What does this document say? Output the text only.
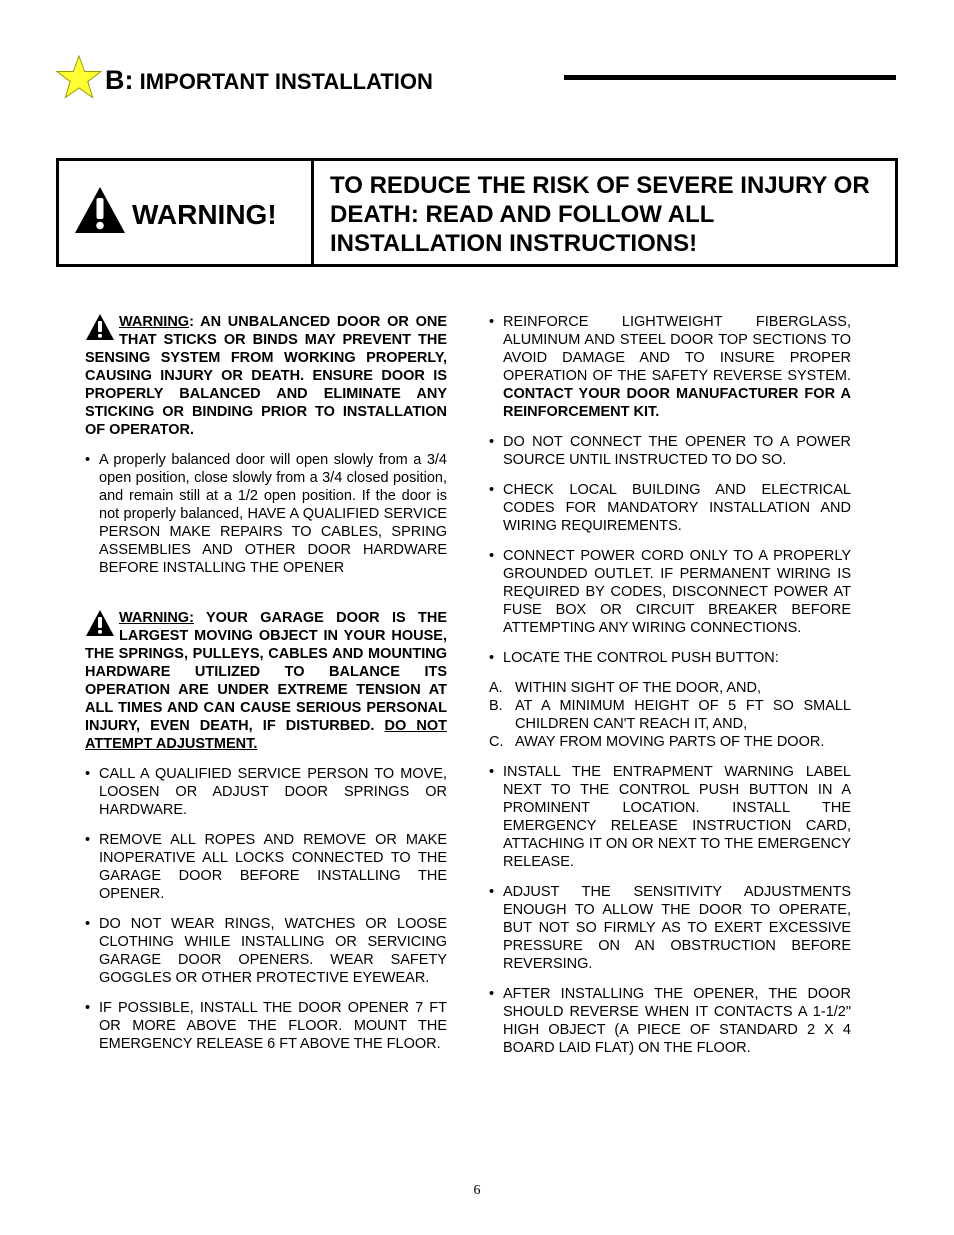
B: IMPORTANT INSTALLATION
WARNING!
TO REDUCE THE RISK OF SEVERE INJURY OR DEATH: READ AND FOLLOW ALL INSTALLATION INSTRUCTIONS!

WARNING: AN UNBALANCED DOOR OR ONE THAT STICKS OR BINDS MAY PREVENT THE SENSING SYSTEM FROM WORKING PROPERLY, CAUSING INJURY OR DEATH. ENSURE DOOR IS PROPERLY BALANCED AND ELIMINATE ANY STICKING OR BINDING PRIOR TO INSTALLATION OF OPERATOR.

• A properly balanced door will open slowly from a 3/4 open position, close slowly from a 3/4 closed position, and remain still at a 1/2 open position. If the door is not properly balanced, HAVE A QUALIFIED SERVICE PERSON MAKE REPAIRS TO CABLES, SPRING ASSEMBLIES AND OTHER DOOR HARDWARE BEFORE INSTALLING THE OPENER

WARNING: YOUR GARAGE DOOR IS THE LARGEST MOVING OBJECT IN YOUR HOUSE, THE SPRINGS, PULLEYS, CABLES AND MOUNTING HARDWARE UTILIZED TO BALANCE ITS OPERATION ARE UNDER EXTREME TENSION AT ALL TIMES AND CAN CAUSE SERIOUS PERSONAL INJURY, EVEN DEATH, IF DISTURBED. DO NOT ATTEMPT ADJUSTMENT.

• CALL A QUALIFIED SERVICE PERSON TO MOVE, LOOSEN OR ADJUST DOOR SPRINGS OR HARDWARE.

• REMOVE ALL ROPES AND REMOVE OR MAKE INOPERATIVE ALL LOCKS CONNECTED TO THE GARAGE DOOR BEFORE INSTALLING THE OPENER.

• DO NOT WEAR RINGS, WATCHES OR LOOSE CLOTHING WHILE INSTALLING OR SERVICING GARAGE DOOR OPENERS. WEAR SAFETY GOGGLES OR OTHER PROTECTIVE EYEWEAR.

• IF POSSIBLE, INSTALL THE DOOR OPENER 7 FT OR MORE ABOVE THE FLOOR. MOUNT THE EMERGENCY RELEASE 6 FT ABOVE THE FLOOR.

• REINFORCE LIGHTWEIGHT FIBERGLASS, ALUMINUM AND STEEL DOOR TOP SECTIONS TO AVOID DAMAGE AND TO INSURE PROPER OPERATION OF THE SAFETY REVERSE SYSTEM. CONTACT YOUR DOOR MANUFACTURER FOR A REINFORCEMENT KIT.

• DO NOT CONNECT THE OPENER TO A POWER SOURCE UNTIL INSTRUCTED TO DO SO.

• CHECK LOCAL BUILDING AND ELECTRICAL CODES FOR MANDATORY INSTALLATION AND WIRING REQUIREMENTS.

• CONNECT POWER CORD ONLY TO A PROPERLY GROUNDED OUTLET. IF PERMANENT WIRING IS REQUIRED BY CODES, DISCONNECT POWER AT FUSE BOX OR CIRCUIT BREAKER BEFORE ATTEMPTING ANY WIRING CONNECTIONS.

• LOCATE THE CONTROL PUSH BUTTON:

A. WITHIN SIGHT OF THE DOOR, AND,

B. AT A MINIMUM HEIGHT OF 5 FT SO SMALL CHILDREN CAN'T REACH IT, AND,

C. AWAY FROM MOVING PARTS OF THE DOOR.

• INSTALL THE ENTRAPMENT WARNING LABEL NEXT TO THE CONTROL PUSH BUTTON IN A PROMINENT LOCATION. INSTALL THE EMERGENCY RELEASE INSTRUCTION CARD, ATTACHING IT ON OR NEXT TO THE EMERGENCY RELEASE.

• ADJUST THE SENSITIVITY ADJUSTMENTS ENOUGH TO ALLOW THE DOOR TO OPERATE, BUT NOT SO FIRMLY AS TO EXERT EXCESSIVE PRESSURE ON AN OBSTRUCTION BEFORE REVERSING.

• AFTER INSTALLING THE OPENER, THE DOOR SHOULD REVERSE WHEN IT CONTACTS A 1-1/2" HIGH OBJECT (A PIECE OF STANDARD 2 X 4 BOARD LAID FLAT) ON THE FLOOR.

6
